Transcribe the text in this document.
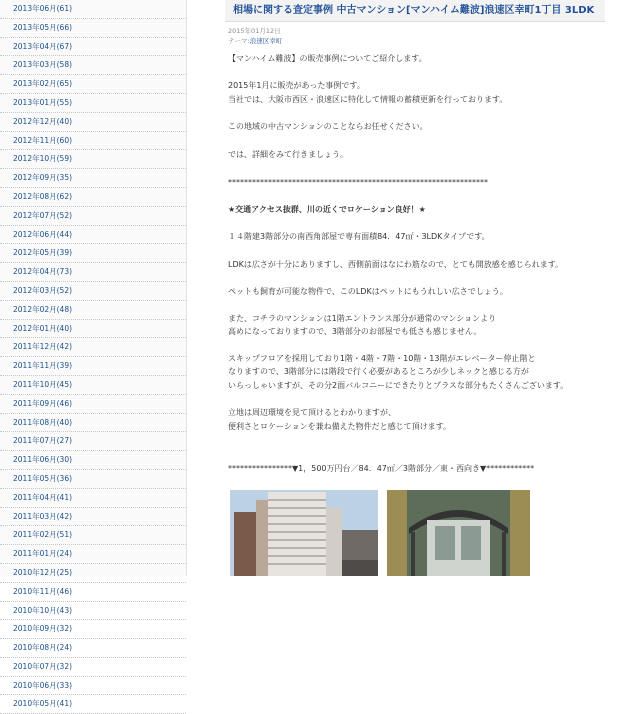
2013年06月(61)
2013年05月(66)
2013年04月(67)
2013年03月(58)
2013年02月(65)
2013年01月(55)
2012年12月(40)
2012年11月(60)
2012年10月(59)
2012年09月(35)
2012年08月(62)
2012年07月(52)
2012年06月(44)
2012年05月(39)
2012年04月(73)
2012年03月(52)
2012年02月(48)
2012年01月(40)
2011年12月(42)
2011年11月(39)
2011年10月(45)
2011年09月(46)
2011年08月(40)
2011年07月(27)
2011年06月(30)
2011年05月(36)
2011年04月(41)
2011年03月(42)
2011年02月(51)
2011年01月(24)
2010年12月(25)
2010年11月(46)
2010年10月(43)
2010年09月(32)
2010年08月(24)
2010年07月(32)
2010年06月(33)
2010年05月(41)
相場に関する査定事例 中古マンション[マンハイム難波]浪速区幸町1丁目 3LDK
2015年01月12日
テーマ:浪速区幸町

【マンハイム難波】の販売事例についてご紹介します。

2015年1月に販売があった事例です。

当社では、大阪市西区・浪速区に特化して情報の蓄積更新を行っております。

この地域の中古マンションのことならお任せください。

では、詳細をみて行きましょう。

*****************************************************************

★交通アクセス抜群、川の近くでロケーション良好！★

１４階建3階部分の南西角部屋で専有面積84．47㎡・3LDKタイプです。

LDKは広さが十分にありますし、西側前面はなにわ筋なので、とても開放感を感じられます。

ペットも飼育が可能な物件で、このLDKはペットにもうれしい広さでしょう。

また、コチラのマンションは1階エントランス部分が通常のマンションより

高めになっておりますので、3階部分のお部屋でも低さも感じません。

スキップフロアを採用しており1階・4階・7階・10階・13階がエレベーター停止階と

なりますので、3階部分には階段で行く必要があるところが少しネックと感じる方が

いらっしゃいますが、その分2面バルコニーにできたりとプラスな部分もたくさんございます。

立地は周辺環境を見て頂けるとわかりますが、

便利さとロケーションを兼ね備えた物件だと感じて頂けます。

****************▼1，500万円台／84．47㎡／3階部分／東・西向き▼************
